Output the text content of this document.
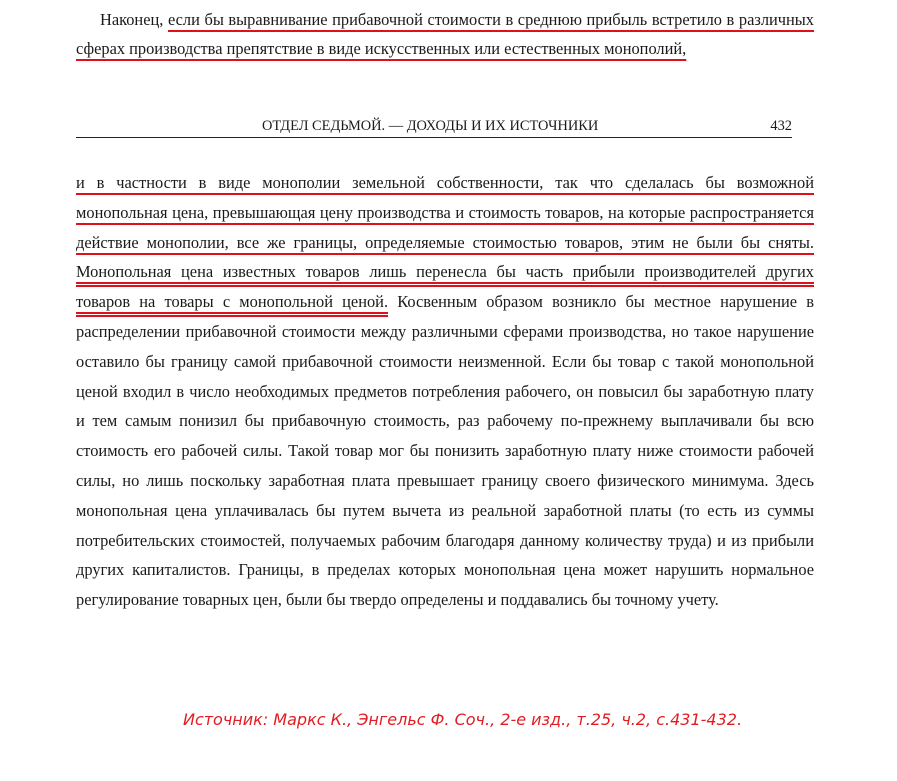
Наконец, если бы выравнивание прибавочной стоимости в среднюю прибыль встретило в различных сферах производства препятствие в виде искусственных или естественных монополий,
ОТДЕЛ СЕДЬМОЙ. — ДОХОДЫ И ИХ ИСТОЧНИКИ	432
и в частности в виде монополии земельной собственности, так что сделалась бы возможной монопольная цена, превышающая цену производства и стоимость товаров, на которые распространяется действие монополии, все же границы, определяемые стоимостью товаров, этим не были бы сняты. Монопольная цена известных товаров лишь перенесла бы часть прибыли производителей других товаров на товары с монопольной ценой. Косвенным образом возникло бы местное нарушение в распределении прибавочной стоимости между различными сферами производства, но такое нарушение оставило бы границу самой прибавочной стоимости неизменной. Если бы товар с такой монопольной ценой входил в число необходимых предметов потребления рабочего, он повысил бы заработную плату и тем самым понизил бы прибавочную стоимость, раз рабочему по-прежнему выплачивали бы всю стоимость его рабочей силы. Такой товар мог бы понизить заработную плату ниже стоимости рабочей силы, но лишь поскольку заработная плата превышает границу своего физического минимума. Здесь монопольная цена уплачивалась бы путем вычета из реальной заработной платы (то есть из суммы потребительских стоимостей, получаемых рабочим благодаря данному количеству труда) и из прибыли других капиталистов. Границы, в пределах которых монопольная цена может нарушить нормальное регулирование товарных цен, были бы твердо определены и поддавались бы точному учету.
Источник: Маркс К., Энгельс Ф. Соч., 2-е изд., т.25, ч.2, с.431-432.
